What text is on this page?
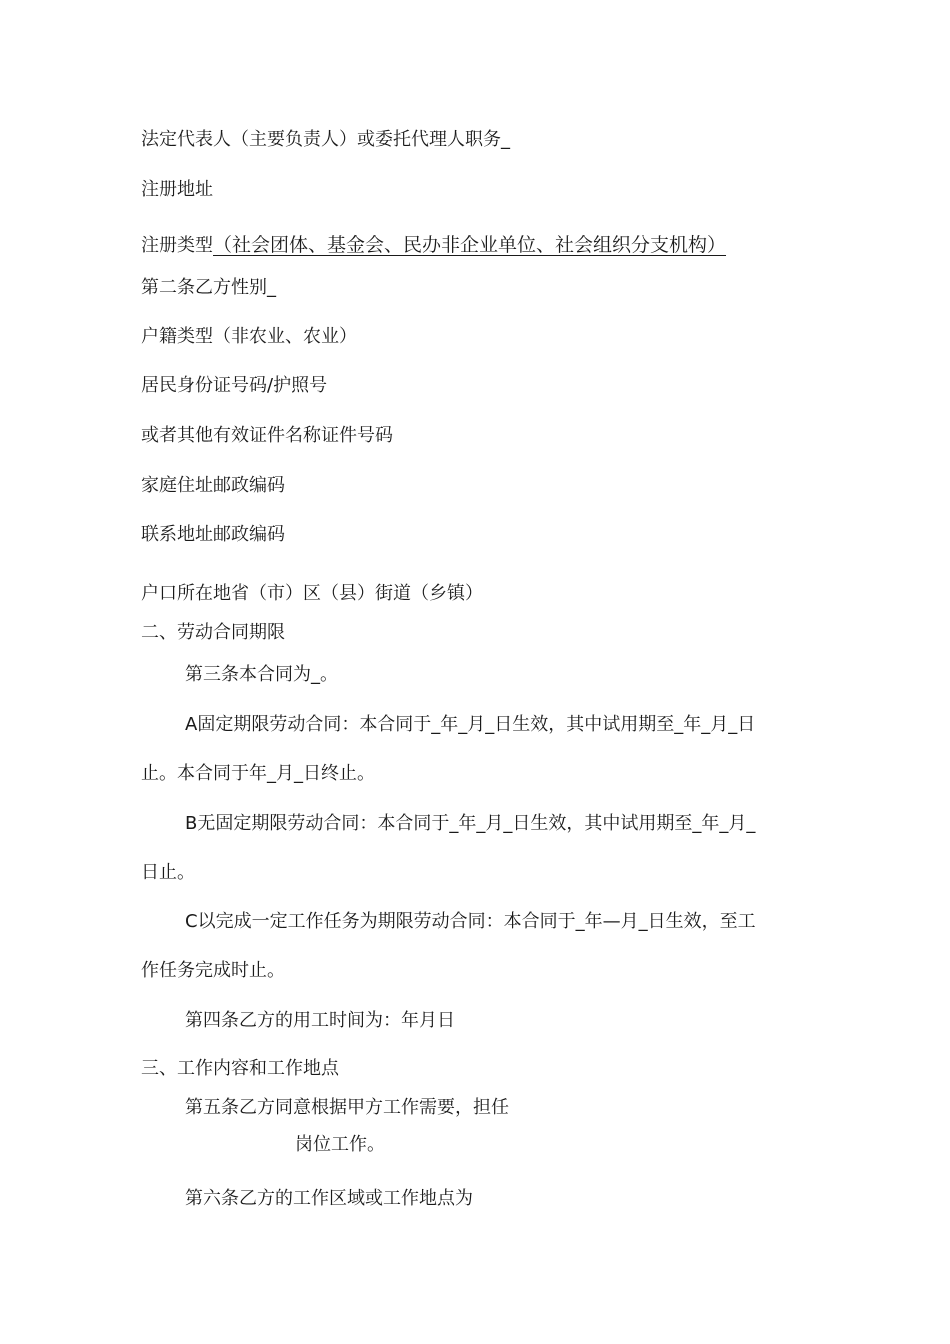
法定代表人（主要负责人）或委托代理人职务_
注册地址
注册类型（社会团体、基金会、民办非企业单位、社会组织分支机构）
第二条乙方性别_
户籍类型（非农业、农业）
居民身份证号码/护照号
或者其他有效证件名称证件号码
家庭住址邮政编码
联系地址邮政编码
户口所在地省（市）区（县）街道（乡镇）
二、劳动合同期限
第三条本合同为_。
A固定期限劳动合同：本合同于_年_月_日生效，其中试用期至_年_月_日
止。本合同于年_月_日终止。
B无固定期限劳动合同：本合同于_年_月_日生效，其中试用期至_年_月_
日止。
C以完成一定工作任务为期限劳动合同：本合同于_年—月_日生效，至工
作任务完成时止。
第四条乙方的用工时间为：年月日
三、工作内容和工作地点
第五条乙方同意根据甲方工作需要，担任
岗位工作。
第六条乙方的工作区域或工作地点为
